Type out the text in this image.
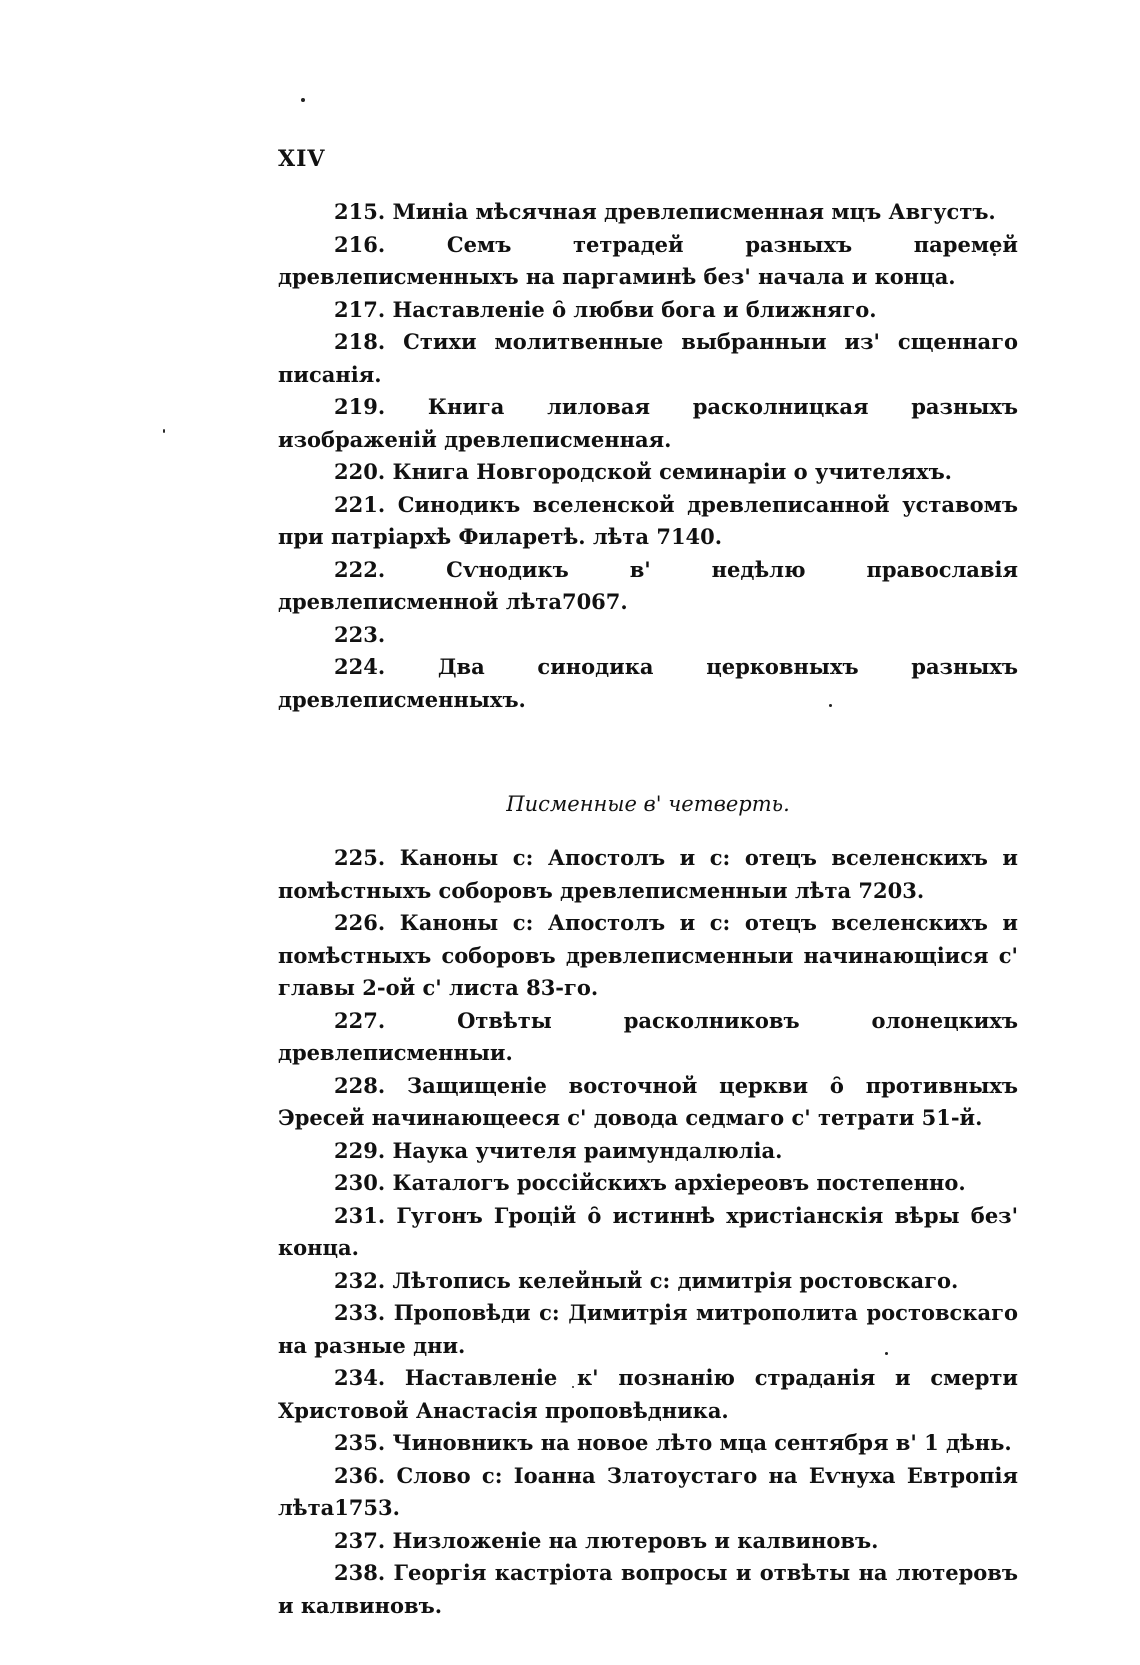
XIV

215. Миніа мѣсячная древлеписменная мцъ Августъ.

216.	Семъ тетрадей разныхъ паремей древлеписменныхъ на паргаминѣ без' начала и конца.

217. Наставленіе ȏ любви бога и ближняго.

218. Стихи молитвенные выбранныи из' сщеннаго писанія.

219. Книга лиловая расколницкая разныхъ изображеній древлеписменная.

220. Книга Новгородской семинаріи о учителяхъ.

221. Синодикъ вселенской древлеписанной уставомъ при патріархѣ Филаретѣ. лѣта 7140.

222.	Сѵнодикъ в' недѣлю православія древлеписменной лѣта7067.

223.

224.	Два синодика церковныхъ разныхъ древлеписменныхъ.

Писменные в' четверть.

225. Каноны с: Апостолъ и с: отецъ вселенскихъ и помѣстныхъ соборовъ древлеписменныи лѣта 7203.

226. Каноны с: Апостолъ и с: отецъ вселенскихъ и помѣстныхъ соборовъ древлеписменныи начинающіися с' главы 2-ой с' листа 83-го.

227.	Отвѣты расколниковъ олонецкихъ древлеписменныи.

228. Защищеніе восточной церкви ȏ противныхъ Эресей начинающееся с' довода седмаго с' тетрати 51-й.

229. Наука учителя раимундалюліа.

230. Каталогъ россійскихъ архіереовъ постепенно.

231. Гугонъ Гроцій ȏ истиннѣ христіанскія вѣры без' конца.

232. Лѣтопись келейный с: димитрія ростовскаго.

233. Проповѣди с: Димитрія митрополита ростовскаго на разные дни.

234. Наставленіе к' познанію страданія и смерти Христовой Анастасія проповѣдника.

235. Чиновникъ на новое лѣто мца сентября в' 1 дѣнь.

236. Слово с: Іоанна Златоустаго на Еѵнуха Евтропія лѣта1753.

237. Низложеніе на лютеровъ и калвиновъ.

238. Георгія кастріота вопросы и отвѣты на лютеровъ и калвиновъ.
